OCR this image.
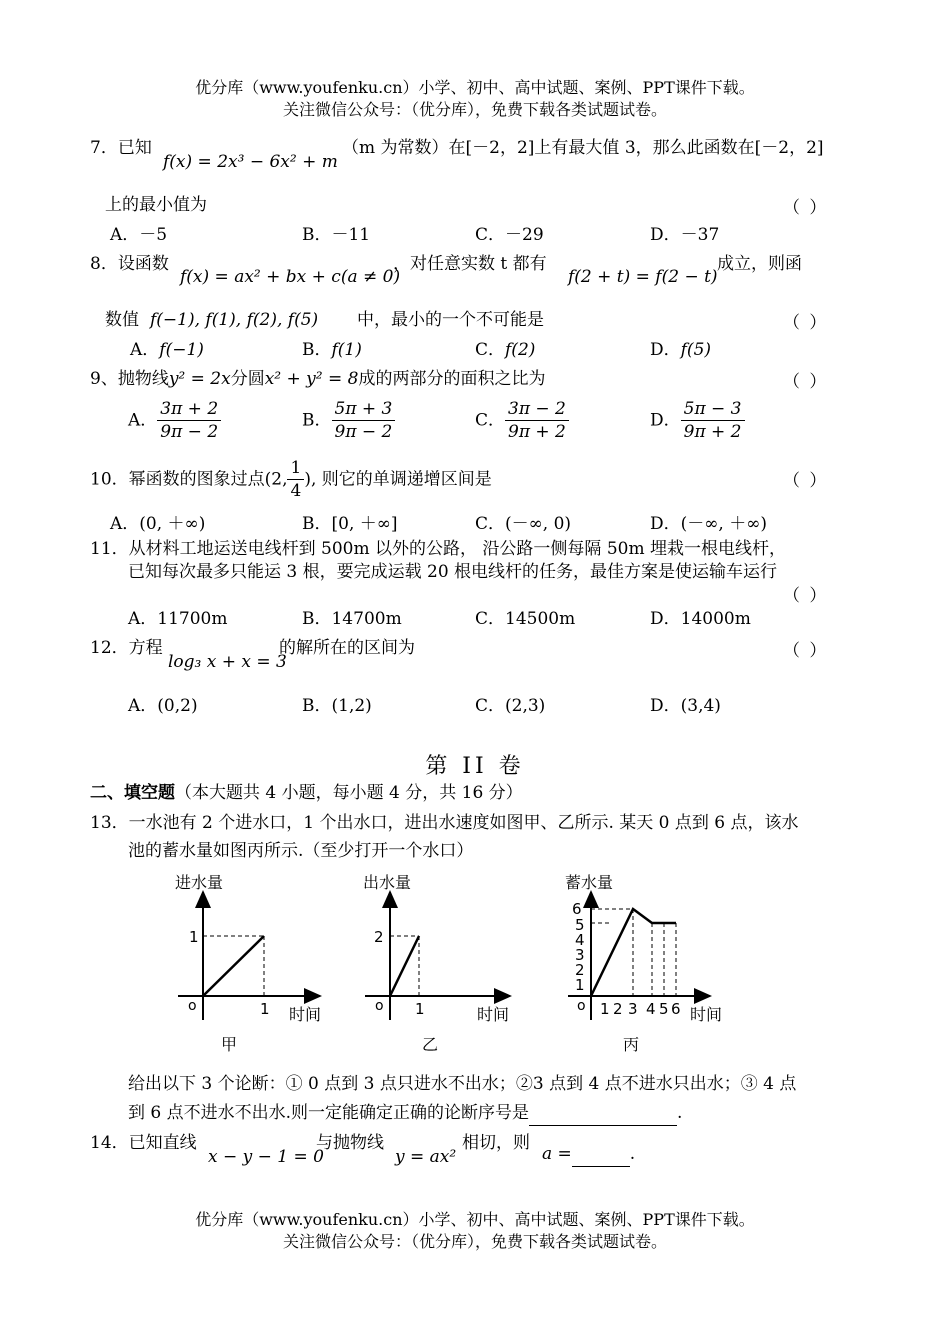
优分库（www.youfenku.cn）小学、初中、高中试题、案例、PPT课件下载。
关注微信公众号：（优分库），免费下载各类试题试卷。
7．已知
f(x) = 2x³ − 6x² + m
（m 为常数）在[－2，2]上有最大值 3，那么此函数在[－2，2]
上的最小值为	（ ）
A．－5	B．－11	C．－29	D．－37
8．设函数
f(x) = ax² + bx + c(a ≠ 0)
，对任意实数 t 都有
f(2 + t) = f(2 − t)
成立，则函
数值 f(−1), f(1), f(2), f(5) 中，最小的一个不可能是	（ ）
A．f(−1)	B．f(1)	C．f(2)	D．f(5)
9、抛物线y² = 2x分圆x² + y² = 8成的两部分的面积之比为	（ ）
A． $\frac{3\pi + 2}{9\pi - 2}$	B． $\frac{5\pi + 3}{9\pi - 2}$	C． $\frac{3\pi - 2}{9\pi + 2}$	D． $\frac{5\pi - 3}{9\pi + 2}$
10．幂函数的图象过点(2, $\frac{1}{4}$ ), 则它的单调递增区间是	（ ）
A．(0, ＋∞)	B．[0, ＋∞]	C．(－∞, 0)	D．(－∞, ＋∞)
11．从材料工地运送电线杆到 500m 以外的公路， 沿公路一侧每隔 50m 埋栽一根电线杆，
已知每次最多只能运 3 根，要完成运载 20 根电线杆的任务，最佳方案是使运输车运行
（ ）
A．11700m	B．14700m	C．14500m	D．14000m
12．方程
log₃ x + x = 3
的解所在的区间为	（ ）
A．(0,2)	B．(1,2)	C．(2,3)	D．(3,4)
第 II 卷
二、填空题（本大题共 4 小题，每小题 4 分，共 16 分）
13．一水池有 2 个进水口，1 个出水口，进出水速度如图甲、乙所示. 某天 0 点到 6 点，该水
池的蓄水量如图丙所示.（至少打开一个水口）
进水量
时间
o
1
1
甲
出水量
时间
o
2
1
乙
蓄水量
时间
o
6
5
4
3
2
1
1 2 3 4 5 6
丙
给出以下 3 个论断：① 0 点到 3 点只进水不出水；②3 点到 4 点不进水只出水；③ 4 点
到 6 点不进水不出水.则一定能确定正确的论断序号是	.
14．已知直线
x − y − 1 = 0
与抛物线
y = ax²
相切，则
a =	.
优分库（www.youfenku.cn）小学、初中、高中试题、案例、PPT课件下载。
关注微信公众号：（优分库），免费下载各类试题试卷。
